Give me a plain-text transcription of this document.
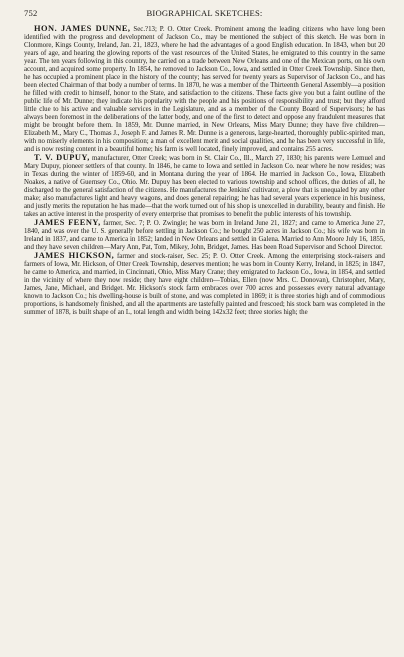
752	BIOGRAPHICAL SKETCHES:

HON. JAMES DUNNE, Sec.?13; P. O. Otter Creek. Prominent among the leading citizens who have long been identified with the progress and development of Jackson Co., may be mentioned the subject of this sketch. He was born in Clonmore, Kings County, Ireland, Jan. 21, 1823, where he had the advantages of a good English education. In 1843, when but 20 years of age, and hearing the glowing reports of the vast resources of the United States, he emigrated to this country in the same year. The ten years following in this country, he carried on a trade between New Orleans and one of the Mexican ports, on his own account, and acquired some property. In 1854, he removed to Jackson Co., Iowa, and settled in Otter Creek Township. Since then, he has occupied a prominent place in the history of the county; has served for twenty years as Supervisor of Jackson Co., and has been elected Chairman of that body a number of terms. In 1870, he was a member of the Thirteenth General Assembly—a position he filled with credit to himself, honor to the State, and satisfaction to the citizens. These facts give you but a faint outline of the public life of Mr. Dunne; they indicate his popularity with the people and his positions of responsibility and trust; but they afford little clue to his active and valuable services in the Legislature, and as a member of the County Board of Supervisors; he has always been foremost in the deliberations of the latter body, and one of the first to detect and oppose any fraudulent measures that might be brought before them. In 1859, Mr. Dunne married, in New Orleans, Miss Mary Dunne; they have five children—Elizabeth M., Mary C., Thomas J., Joseph F. and James R. Mr. Dunne is a generous, large-hearted, thoroughly public-spirited man, with no miserly elements in his composition; a man of excellent merit and social qualities, and he has been very successful in life, and is now resting content in a beautiful home; his farm is well located, finely improved, and contains 255 acres.

T. V. DUPUY, manufacturer, Otter Creek; was born in St. Clair Co., Ill., March 27, 1830; his parents were Lemuel and Mary Dupuy, pioneer settlers of that county. In 1846, he came to Iowa and settled in Jackson Co. near where he now resides; was in Texas during the winter of 1859-60, and in Montana during the year of 1864. He married in Jackson Co., Iowa, Elizabeth Noakes, a native of Guernsey Co., Ohio. Mr. Dupuy has been elected to various township and school offices, the duties of all, he discharged to the general satisfaction of the citizens. He manufactures the Jenkins' cultivator, a plow that is unequaled by any other make; also manufactures light and heavy wagons, and does general repairing; he has had several years experience in his business, and justly merits the reputation he has made—that the work turned out of his shop is unexcelled in durability, beauty and finish. He takes an active interest in the prosperity of every enterprise that promises to benefit the public interests of his township.

JAMES FEENY, farmer, Sec. 7; P. O. Zwingle; he was born in Ireland June 21, 1827; and came to America June 27, 1840, and was over the U. S. generally before settling in Jackson Co.; he bought 250 acres in Jackson Co.; his wife was born in Ireland in 1837, and came to America in 1852; landed in New Orleans and settled in Galena. Married to Ann Moore July 16, 1855, and they have seven children—Mary Ann, Pat, Tom, Mikey, John, Bridget, James. Has been Road Supervisor and School Director.

JAMES HICKSON, farmer and stock-raiser, Sec. 25; P. O. Otter Creek. Among the enterprising stock-raisers and farmers of Iowa, Mr. Hickson, of Otter Creek Township, deserves mention; he was born in County Kerry, Ireland, in 1825; in 1847, he came to America, and married, in Cincinnati, Ohio, Miss Mary Crane; they emigrated to Jackson Co., Iowa, in 1854, and settled in the vicinity of where they now reside; they have eight children—Tobias, Ellen (now Mrs. C. Donovan), Christopher, Mary, James, Jane, Michael, and Bridget. Mr. Hickson's stock farm embraces over 700 acres and possesses every natural advantage known to Jackson Co.; his dwelling-house is built of stone, and was completed in 1869; it is three stories high and of commodious proportions, is handsomely finished, and all the apartments are tastefully painted and frescoed; his stock barn was completed in the summer of 1878, is built shape of an L, total length and width being 142x32 feet; three stories high; the
